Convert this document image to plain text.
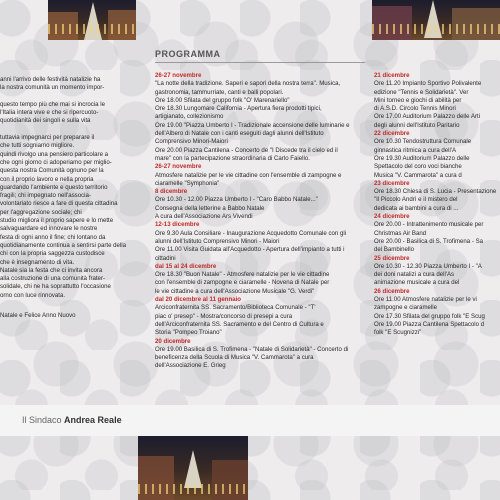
PROGRAMMA

anni l'arrivo delle festività natalizie ha

la nostra comunità un momento impor-

questo tempo più che mai si incrocia le

l'Italia intera vive e che si ripercuoto-

quotidianità dei singoli e sulla vita

tuttavia impegnarci per preparare il

che tutti sogniamo migliore.

quindi rivolgo una pensiero particolare a

che ogni giorno ci adoperiamo per miglio-

questa nostra Comunità ognuno per la

con il proprio lavoro e nella propria

guardando l'ambiente e questo territorio

fragili; chi impegnato nell'associa-

volontariato riesce a fare di questa cittadina

per l'aggregazione sociale; chi

studio migliora il proprio sapere e lo mette

salvaguardare ed innovare le nostre

festa di ogni anno il fine; chi lontano da

quotidianamente continua a sentirsi parte della

chi con la propria saggezza custodisce

che è insegnamento di vita.

Natale sia la festa che ci invita ancora

alla costruzione di una comunità frater-

solidale, chi ne ha soprattutto l'occasione

orno con luce rinnovata.

Natale e Felice Anno Nuovo

26-27 novembre

"La notte della tradizione. Saperi e sapori della nostra terra". Musica,

gastronomia, tammurriate, canti e balli popolari.

Ore 18.00 Sfilata del gruppo folk "O' Marenariello"

Ore 18.30 Lungomare California - Apertura fiera prodotti tipici,

artigianato, collezionismo

Ore 19.00 "Piazza Umberto I - Tradizionale accensione delle luminarie e

dell'Albero di Natale con i canti eseguiti dagli alunni dell'Istituto

Comprensivo Minori-Maiori

Ore 20.00 Piazza Cantilena - Concerto de "I Discede tra il cielo ed il

mare" con la partecipazione straordinaria di Carlo Faiello.

26-27 novembre

Atmosfere natalizie per le vie cittadine con l'ensemble di zampogne e

ciaramelle "Symphonia"

8 dicembre

Ore 10.30 - 12.00 Piazza Umberto I - "Caro Babbo Natale..."

Consegna della letterine a Babbo Natale

A cura dell'Associazione Ars Vivendi

12-13 dicembre

Ore 9.30 Aula Consiliare - Inaugurazione Acquedotto Comunale con gli

alunni dell'Istituto Comprensivo Minori - Maiori

Ore 11.00 Visita Guidata all'Acquedotto - Apertura dell'impianto a tutti i

cittadini

dal 15 al 24 dicembre

Ore 18.30 "Buon Natale" - Atmosfere natalizie per le vie cittadine

con l'ensemble di zampogne e ciaramelle - Novena di Natale per

le vie cittadine a cura dell'Associazione Musicale "G. Verdi"

dal 20 dicembre al 11 gennaio

Arciconfraternita SS. Sacramento/Biblioteca Comunale - "T'

piac o' presep" - Mostra/concorso di presepi a cura

dell'Arciconfraternita SS. Sacramento e del Centro di Cultura e

Storia "Pompeo Troiano"

20 dicembre

Ore 19.00 Basilica di S. Trofimena - "Natale di Solidarietà" - Concerto di

beneficenza della Scuola di Musica "V. Cammarota" a cura

dell'Associazione E. Grieg

21 dicembre

Ore 11.20 Impianto Sportivo Polivalente

edizione "Tennis e Solidarietà". Ver

Mini torneo e giochi di abilità per

di A.S.D. Circolo Tennis Minori

Ore 17.00 Auditorium Palazzo delle Arti

degli alunni dell'Istituto Paritario

22 dicembre

Ore 10.30 Tendostruttura Comunale

ginnastica ritmica a cura dell'A

Ore 19.30 Auditorium Palazzo delle

Spettacolo del coro voci bianche

Musica "V. Cammarota" a cura d

23 dicembre

Ore 18.30 Chiesa di S. Lucia - Presentazione

"Il Piccolo Andrì e il mistero del

dedicata ai bambini a cura di ...

24 dicembre

Ore 20.00 - Intrattenimento musicale per

Christmas Air Band

Ore 20.00 - Basilica di S. Trofimena - Sa

del Bambinello

25 dicembre

Ore 10.30 - 12.30 Piazza Umberto I - "A

dei doni natalizi a cura dell'As

animazione musicale a cura del

26 dicembre

Ore 11.00 Atmosfere natalizie per le vi

zampogne e ciaramelle

Ore 17.30 Sfilata del gruppo folk "E Scug

Ore 19.00 Piazza Cantilena Spettacolo d

folk "E Scugnizzi"

Il Sindaco Andrea Reale
